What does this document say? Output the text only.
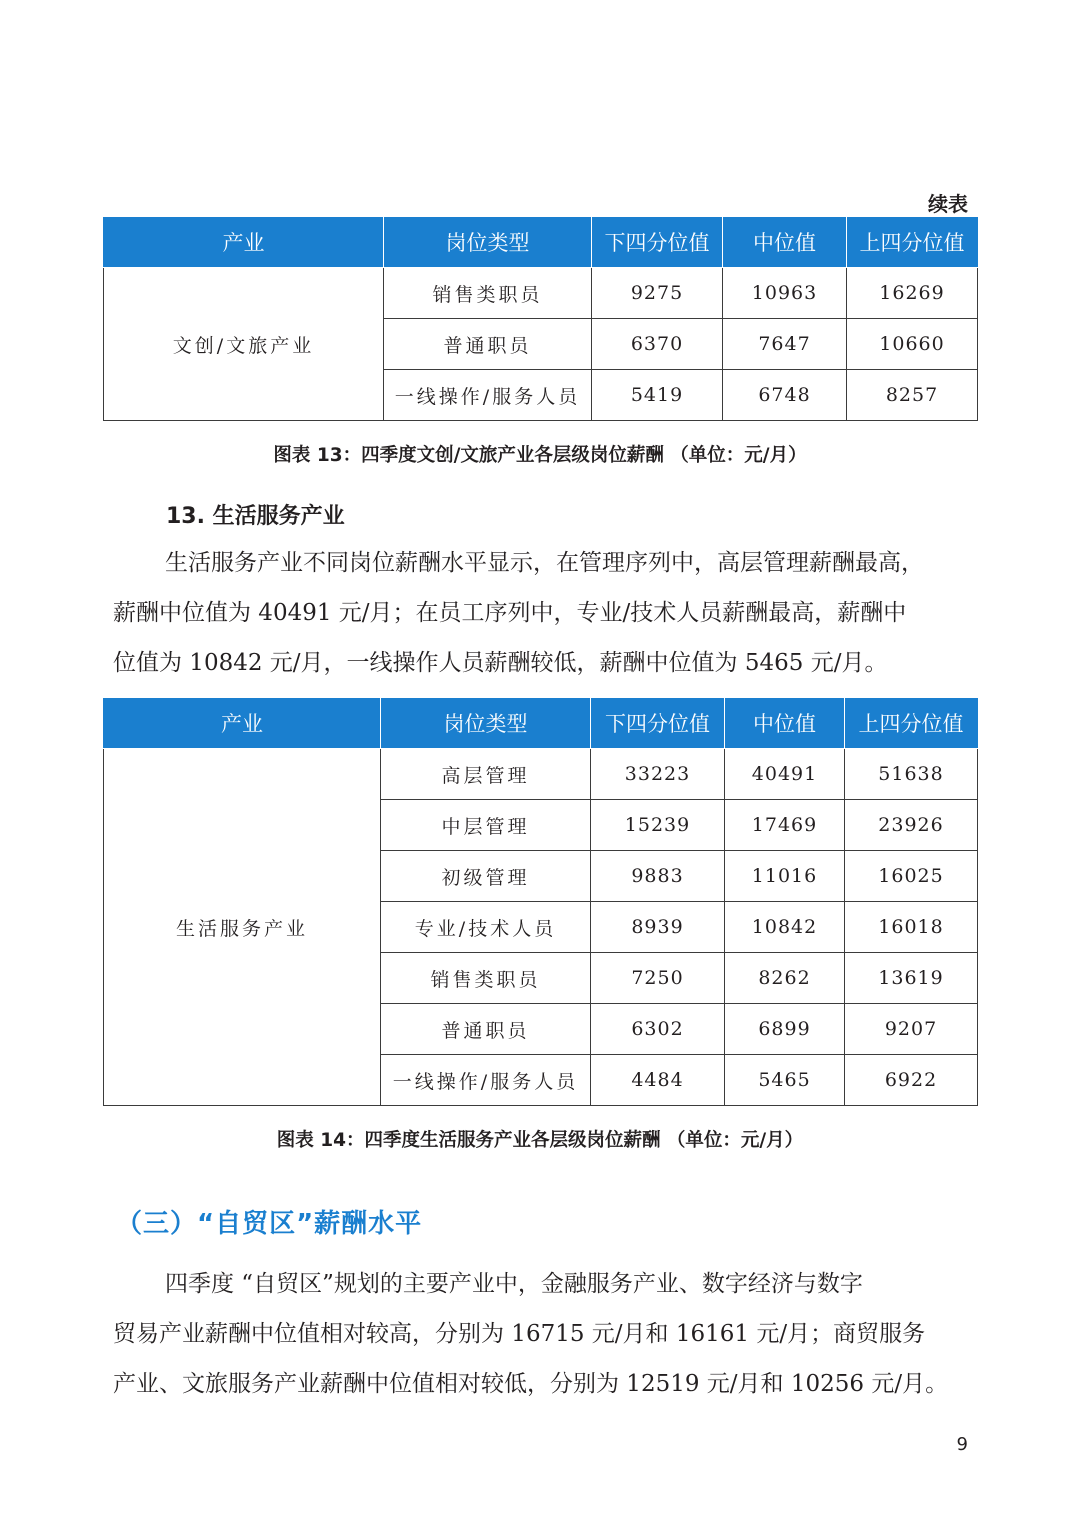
续表
产业	岗位类型	下四分位值	中位值	上四分位值
文创/文旅产业	销售类职员	9275	10963	16269
	普通职员	6370	7647	10660
	一线操作/服务人员	5419	6748	8257
图表 13：四季度文创/文旅产业各层级岗位薪酬 （单位：元/月）
13. 生活服务产业
生活服务产业不同岗位薪酬水平显示，在管理序列中，高层管理薪酬最高，
薪酬中位值为 40491 元/月；在员工序列中，专业/技术人员薪酬最高，薪酬中
位值为 10842 元/月，一线操作人员薪酬较低，薪酬中位值为 5465 元/月。
产业	岗位类型	下四分位值	中位值	上四分位值
生活服务产业	高层管理	33223	40491	51638
	中层管理	15239	17469	23926
	初级管理	9883	11016	16025
	专业/技术人员	8939	10842	16018
	销售类职员	7250	8262	13619
	普通职员	6302	6899	9207
	一线操作/服务人员	4484	5465	6922
图表 14：四季度生活服务产业各层级岗位薪酬 （单位：元/月）
（三）“自贸区”薪酬水平
四季度 “自贸区”规划的主要产业中，金融服务产业、数字经济与数字
贸易产业薪酬中位值相对较高，分别为 16715 元/月和 16161 元/月；商贸服务
产业、文旅服务产业薪酬中位值相对较低，分别为 12519 元/月和 10256 元/月。
9
